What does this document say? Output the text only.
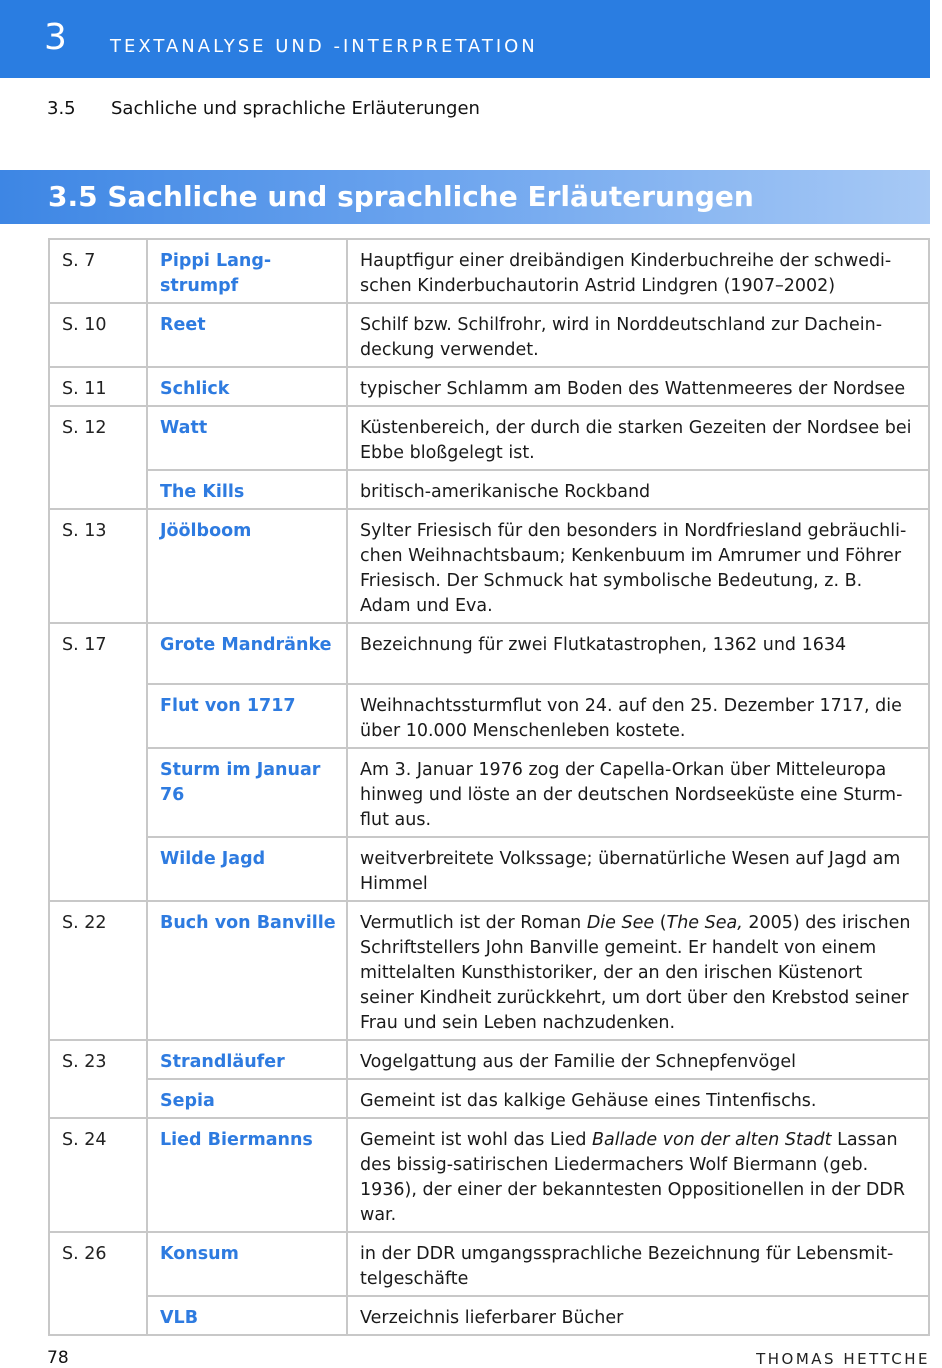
3 TEXTANALYSE UND -INTERPRETATION
3.5 Sachliche und sprachliche Erläuterungen
3.5 Sachliche und sprachliche Erläuterungen
S. 7	Pippi Lang-strumpf	Hauptfigur einer dreibändigen Kinderbuchreihe der schwedi-schen Kinderbuchautorin Astrid Lindgren (1907–2002)
S. 10	Reet	Schilf bzw. Schilfrohr, wird in Norddeutschland zur Dachein-deckung verwendet.
S. 11	Schlick	typischer Schlamm am Boden des Wattenmeeres der Nordsee
S. 12	Watt	Küstenbereich, der durch die starken Gezeiten der Nordsee bei Ebbe bloßgelegt ist.
	The Kills	britisch-amerikanische Rockband
S. 13	Jöölboom	Sylter Friesisch für den besonders in Nordfriesland gebräuchli-chen Weihnachtsbaum; Kenkenbuum im Amrumer und Föhrer Friesisch. Der Schmuck hat symbolische Bedeutung, z. B. Adam und Eva.
S. 17	Grote Mandränke	Bezeichnung für zwei Flutkatastrophen, 1362 und 1634
	Flut von 1717	Weihnachtssturmflut von 24. auf den 25. Dezember 1717, die über 10.000 Menschenleben kostete.
	Sturm im Januar 76	Am 3. Januar 1976 zog der Capella-Orkan über Mitteleuropa hinweg und löste an der deutschen Nordseeküste eine Sturm-flut aus.
	Wilde Jagd	weitverbreitete Volkssage; übernatürliche Wesen auf Jagd am Himmel
S. 22	Buch von Banville	Vermutlich ist der Roman Die See (The Sea, 2005) des irischen Schriftstellers John Banville gemeint. Er handelt von einem mittelalten Kunsthistoriker, der an den irischen Küstenort seiner Kindheit zurückkehrt, um dort über den Krebstod seiner Frau und sein Leben nachzudenken.
S. 23	Strandläufer	Vogelgattung aus der Familie der Schnepfenvögel
	Sepia	Gemeint ist das kalkige Gehäuse eines Tintenfischs.
S. 24	Lied Biermanns	Gemeint ist wohl das Lied Ballade von der alten Stadt Lassan des bissig-satirischen Liedermachers Wolf Biermann (geb. 1936), der einer der bekanntesten Oppositionellen in der DDR war.
S. 26	Konsum	in der DDR umgangssprachliche Bezeichnung für Lebensmit-telgeschäfte
	VLB	Verzeichnis lieferbarer Bücher
78	THOMAS HETTCHE
